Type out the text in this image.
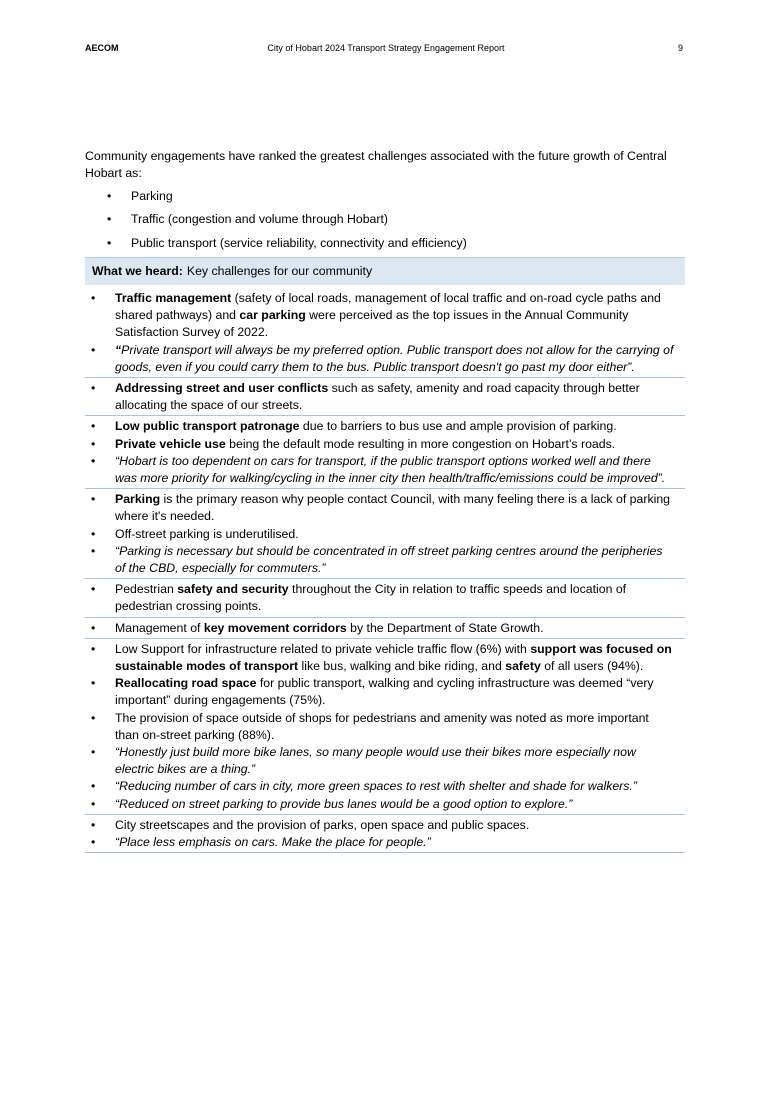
AECOM	City of Hobart 2024 Transport Strategy Engagement Report	9

Community engagements have ranked the greatest challenges associated with the future growth of Central Hobart as:

• Parking
• Traffic (congestion and volume through Hobart)
• Public transport (service reliability, connectivity and efficiency)
What we heard: Key challenges for our community
• Traffic management (safety of local roads, management of local traffic and on-road cycle paths and shared pathways) and car parking were perceived as the top issues in the Annual Community Satisfaction Survey of 2022.
• “Private transport will always be my preferred option. Public transport does not allow for the carrying of goods, even if you could carry them to the bus. Public transport doesn't go past my door either”.
• Addressing street and user conflicts such as safety, amenity and road capacity through better allocating the space of our streets.
• Low public transport patronage due to barriers to bus use and ample provision of parking.
• Private vehicle use being the default mode resulting in more congestion on Hobart’s roads.
• “Hobart is too dependent on cars for transport, if the public transport options worked well and there was more priority for walking/cycling in the inner city then health/traffic/emissions could be improved”.
• Parking is the primary reason why people contact Council, with many feeling there is a lack of parking where it's needed.
• Off-street parking is underutilised.
• “Parking is necessary but should be concentrated in off street parking centres around the peripheries of the CBD, especially for commuters.”
• Pedestrian safety and security throughout the City in relation to traffic speeds and location of pedestrian crossing points.
• Management of key movement corridors by the Department of State Growth.
• Low Support for infrastructure related to private vehicle traffic flow (6%) with support was focused on sustainable modes of transport like bus, walking and bike riding, and safety of all users (94%).
• Reallocating road space for public transport, walking and cycling infrastructure was deemed “very important” during engagements (75%).
• The provision of space outside of shops for pedestrians and amenity was noted as more important than on-street parking (88%).
• “Honestly just build more bike lanes, so many people would use their bikes more especially now electric bikes are a thing.”
• “Reducing number of cars in city, more green spaces to rest with shelter and shade for walkers.”
• “Reduced on street parking to provide bus lanes would be a good option to explore.”
• City streetscapes and the provision of parks, open space and public spaces.
• “Place less emphasis on cars. Make the place for people.”
